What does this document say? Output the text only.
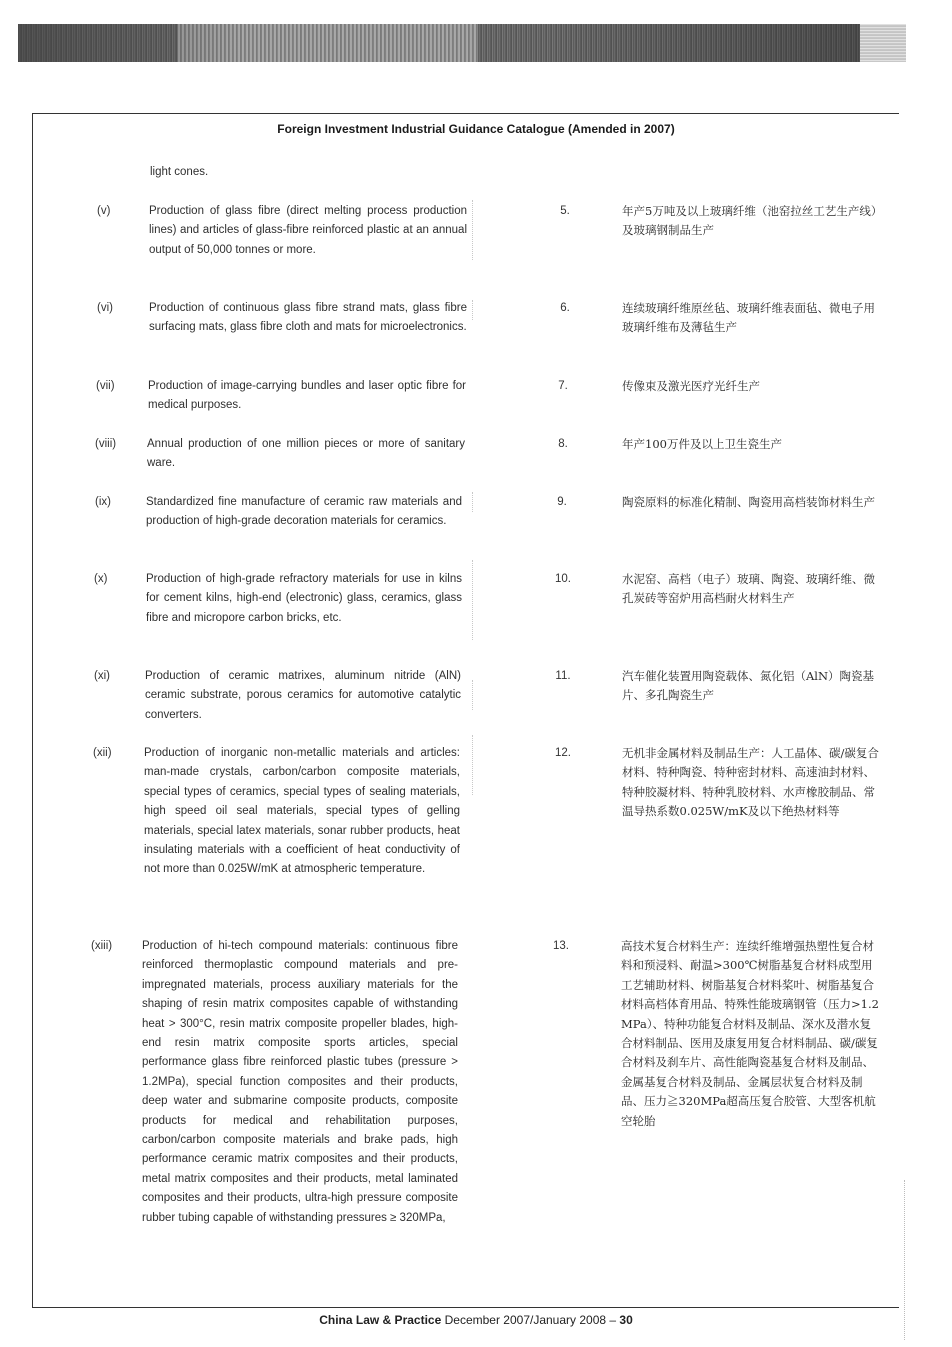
Foreign Investment Industrial Guidance Catalogue (Amended in 2007)
light cones.
(v)	Production of glass fibre (direct melting process production lines) and articles of glass-fibre reinforced plastic at an annual output of 50,000 tonnes or more.
5.	年产5万吨及以上玻璃纤维（池窑拉丝工艺生产线）及玻璃钢制品生产
(vi)	Production of continuous glass fibre strand mats, glass fibre surfacing mats, glass fibre cloth and mats for microelectronics.
6.	连续玻璃纤维原丝毡、玻璃纤维表面毡、微电子用玻璃纤维布及薄毡生产
(vii)	Production of image-carrying bundles and laser optic fibre for medical purposes.
7.	传像束及激光医疗光纤生产
(viii)	Annual production of one million pieces or more of sanitary ware.
8.	年产100万件及以上卫生瓷生产
(ix)	Standardized fine manufacture of ceramic raw materials and production of high-grade decoration materials for ceramics.
9.	陶瓷原料的标准化精制、陶瓷用高档装饰材料生产
(x)	Production of high-grade refractory materials for use in kilns for cement kilns, high-end (electronic) glass, ceramics, glass fibre and micropore carbon bricks, etc.
10.	水泥窑、高档（电子）玻璃、陶瓷、玻璃纤维、微孔炭砖等窑炉用高档耐火材料生产
(xi)	Production of ceramic matrixes, aluminum nitride (AlN) ceramic substrate, porous ceramics for automotive catalytic converters.
11.	汽车催化装置用陶瓷载体、氮化铝（AlN）陶瓷基片、多孔陶瓷生产
(xii)	Production of inorganic non-metallic materials and articles: man-made crystals, carbon/carbon composite materials, special types of ceramics, special types of sealing materials, high speed oil seal materials, special types of gelling materials, special latex materials, sonar rubber products, heat insulating materials with a coefficient of heat conductivity of not more than 0.025W/mK at atmospheric temperature.
12.	无机非金属材料及制品生产：人工晶体、碳/碳复合材料、特种陶瓷、特种密封材料、高速油封材料、特种胶凝材料、特种乳胶材料、水声橡胶制品、常温导热系数0.025W/mK及以下绝热材料等
(xiii)	Production of hi-tech compound materials: continuous fibre reinforced thermoplastic compound materials and pre-impregnated materials, process auxiliary materials for the shaping of resin matrix composites capable of withstanding heat > 300°C, resin matrix composite propeller blades, high-end resin matrix composite sports articles, special performance glass fibre reinforced plastic tubes (pressure > 1.2MPa), special function composites and their products, deep water and submarine composite products, composite products for medical and rehabilitation purposes, carbon/carbon composite materials and brake pads, high performance ceramic matrix composites and their products, metal matrix composites and their products, metal laminated composites and their products, ultra-high pressure composite rubber tubing capable of withstanding pressures ≥ 320MPa,
13.	高技术复合材料生产：连续纤维增强热塑性复合材料和预浸料、耐温>300℃树脂基复合材料成型用工艺辅助材料、树脂基复合材料桨叶、树脂基复合材料高档体育用品、特殊性能玻璃钢管（压力>1.2MPa）、特种功能复合材料及制品、深水及潜水复合材料制品、医用及康复用复合材料制品、碳/碳复合材料及刹车片、高性能陶瓷基复合材料及制品、金属基复合材料及制品、金属层状复合材料及制品、压力≧320MPa超高压复合胶管、大型客机航空轮胎
China Law & Practice December 2007/January 2008 – 30
